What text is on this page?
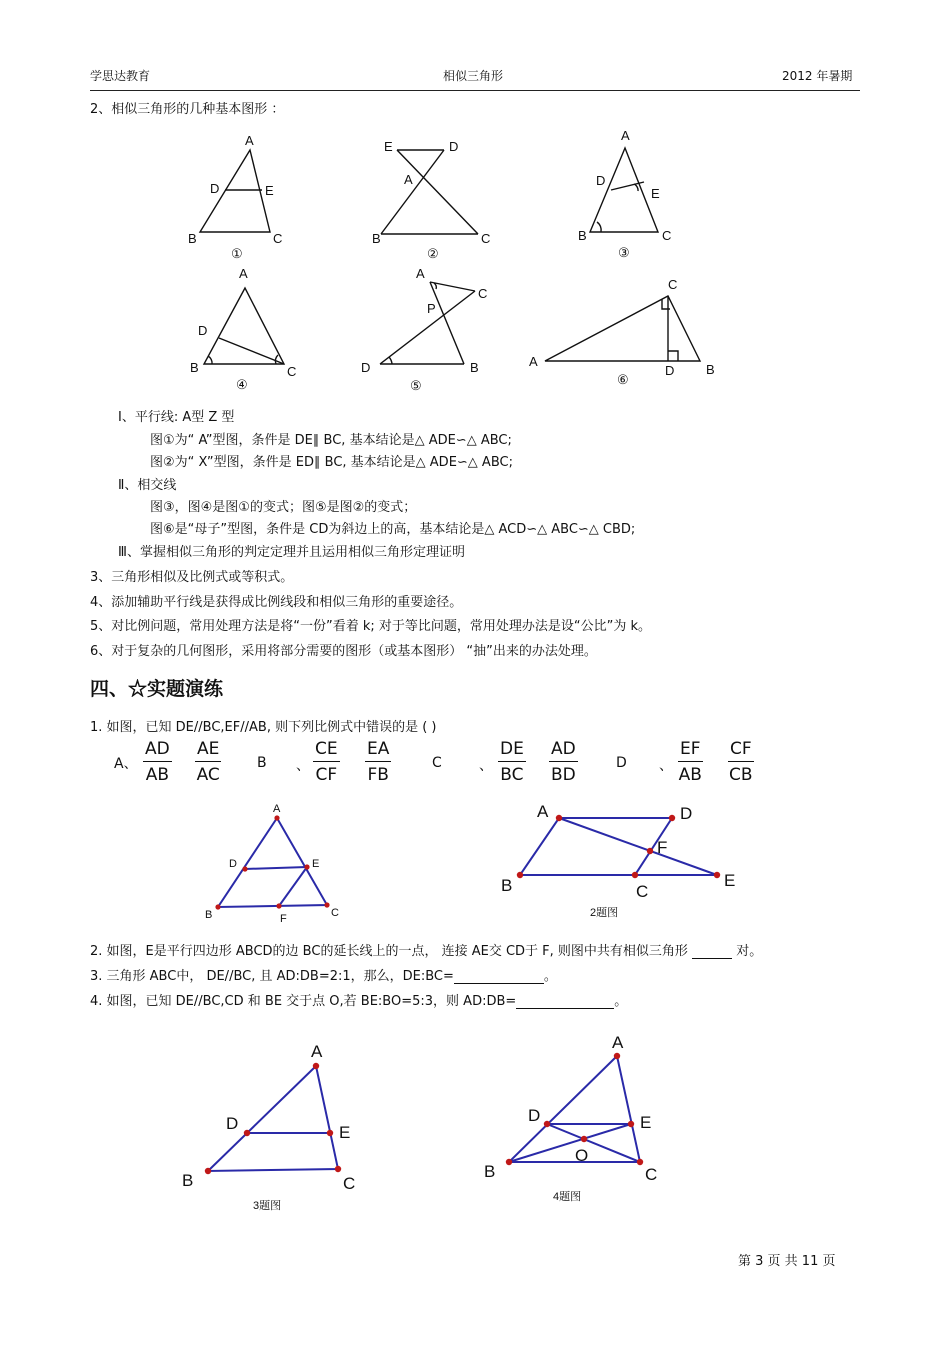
学思达教育	相似三角形	2012 年暑期
2、相似三角形的几种基本图形 ：
A
D	E
B	C
①
E	D
A
B	C
②
A
D
E
B	C
③
A
D
B	C
④
A
C
P
D	B
⑤
C
A
D B
⑥
Ⅰ、平行线: A型 Z 型
图①为“ A”型图，条件是 DE∥ BC, 基本结论是△ ADE∽△ ABC;
图②为“ X”型图，条件是 ED∥ BC, 基本结论是△ ADE∽△ ABC;
Ⅱ、相交线
图③，图④是图①的变式；图⑤是图②的变式；
图⑥是“母子”型图，条件是 CD为斜边上的高，基本结论是△ ACD∽△ ABC∽△ CBD;
Ⅲ、掌握相似三角形的判定定理并且运用相似三角形定理证明
3、三角形相似及比例式或等积式。
4、添加辅助平行线是获得成比例线段和相似三角形的重要途径。
5、对比例问题，常用处理方法是将“一份”看着 k; 对于等比问题，常用处理办法是设“公比”为 k。
6、对于复杂的几何图形，采用将部分需要的图形（或基本图形） “抽”出来的办法处理。
四、☆实题演练
1. 如图，已知 DE//BC,EF//AB, 则下列比例式中错误的是 ( )
A、 $\frac{AD}{AB} \frac{AE}{AC}$	B 、 $\frac{CE}{CF} \frac{EA}{FB}$	C	、 $\frac{DE}{BC} \frac{AD}{BD}$	D 、 $\frac{EF}{AB} \frac{CF}{CB}$
A
D	E
B	F	C
A	D
F
B	C
E
2题图
A
D	E
B	C
3题图
A
D	E
O
B	C
4题图
2. 如图，E是平行四边形 ABCD的边 BC的延长线上的一点， 连接 AE交 CD于 F, 则图中共有相似三角形	对。
3. 三角形 ABC中， DE//BC, 且 AD:DB=2:1，那么，DE:BC=	。
4. 如图，已知 DE//BC,CD 和 BE 交于点 O,若 BE:BO=5:3，则 AD:DB=	。
第 3 页 共 11 页
